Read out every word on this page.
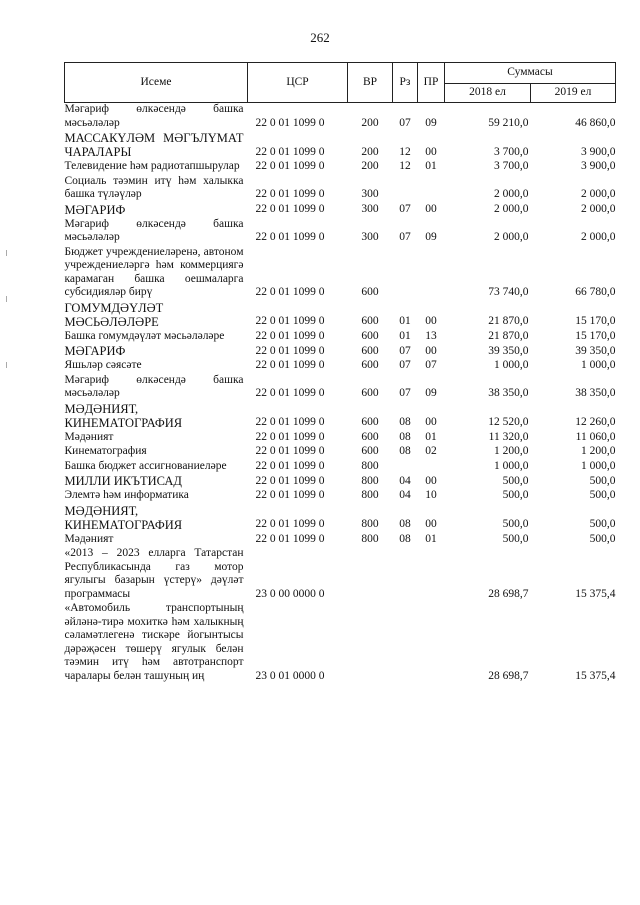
262
Исеме	ЦСР	ВР	Рз	ПР	Суммасы	
					2018 ел	2019 ел
Мәгариф өлкәсендә башка мәсьәләләр	22 0 01 1099 0	200	07	09	59 210,0	46 860,0
МАССАКҮЛӘМ МӘГЪЛҮМАТ ЧАРАЛАРЫ	22 0 01 1099 0	200	12	00	3 700,0	3 900,0
Телевидение һәм радиотапшырулар	22 0 01 1099 0	200	12	01	3 700,0	3 900,0
Социаль тәэмин итү һәм халыкка башка түләүләр	22 0 01 1099 0	300			2 000,0	2 000,0
МӘГАРИФ	22 0 01 1099 0	300	07	00	2 000,0	2 000,0
Мәгариф өлкәсендә башка мәсьәләләр	22 0 01 1099 0	300	07	09	2 000,0	2 000,0
Бюджет учреждениеләренә, автоном учреждениеләргә һәм коммерциягә карамаган башка оешмаларга субсидияләр бирү	22 0 01 1099 0	600			73 740,0	66 780,0
ГОМУМДӘҮЛӘТ МӘСЬӘЛӘЛӘРЕ	22 0 01 1099 0	600	01	00	21 870,0	15 170,0
Башка гомумдәүләт мәсьәләләре	22 0 01 1099 0	600	01	13	21 870,0	15 170,0
МӘГАРИФ	22 0 01 1099 0	600	07	00	39 350,0	39 350,0
Яшьләр сәясәте	22 0 01 1099 0	600	07	07	1 000,0	1 000,0
Мәгариф өлкәсендә башка мәсьәләләр	22 0 01 1099 0	600	07	09	38 350,0	38 350,0
МӘДӘНИЯТ, КИНЕМАТОГРАФИЯ	22 0 01 1099 0	600	08	00	12 520,0	12 260,0
Мәдәният	22 0 01 1099 0	600	08	01	11 320,0	11 060,0
Кинематография	22 0 01 1099 0	600	08	02	1 200,0	1 200,0
Башка бюджет ассигнованиеләре	22 0 01 1099 0	800			1 000,0	1 000,0
МИЛЛИ ИКЪТИСАД	22 0 01 1099 0	800	04	00	500,0	500,0
Элемтә һәм информатика	22 0 01 1099 0	800	04	10	500,0	500,0
МӘДӘНИЯТ, КИНЕМАТОГРАФИЯ	22 0 01 1099 0	800	08	00	500,0	500,0
Мәдәният	22 0 01 1099 0	800	08	01	500,0	500,0
«2013 – 2023 елларга Татарстан Республикасында газ мотор ягулыгы базарын үстерү» дәүләт программасы	23 0 00 0000 0				28 698,7	15 375,4
«Автомобиль транспортының әйләнә-тирә мохиткә һәм халыкның сәламәтлегенә тискәре йогынтысы дәрәҗәсен төшерү ягулык белән тәэмин итү һәм автотранспорт чаралары белән ташуның иң	23 0 01 0000 0				28 698,7	15 375,4
